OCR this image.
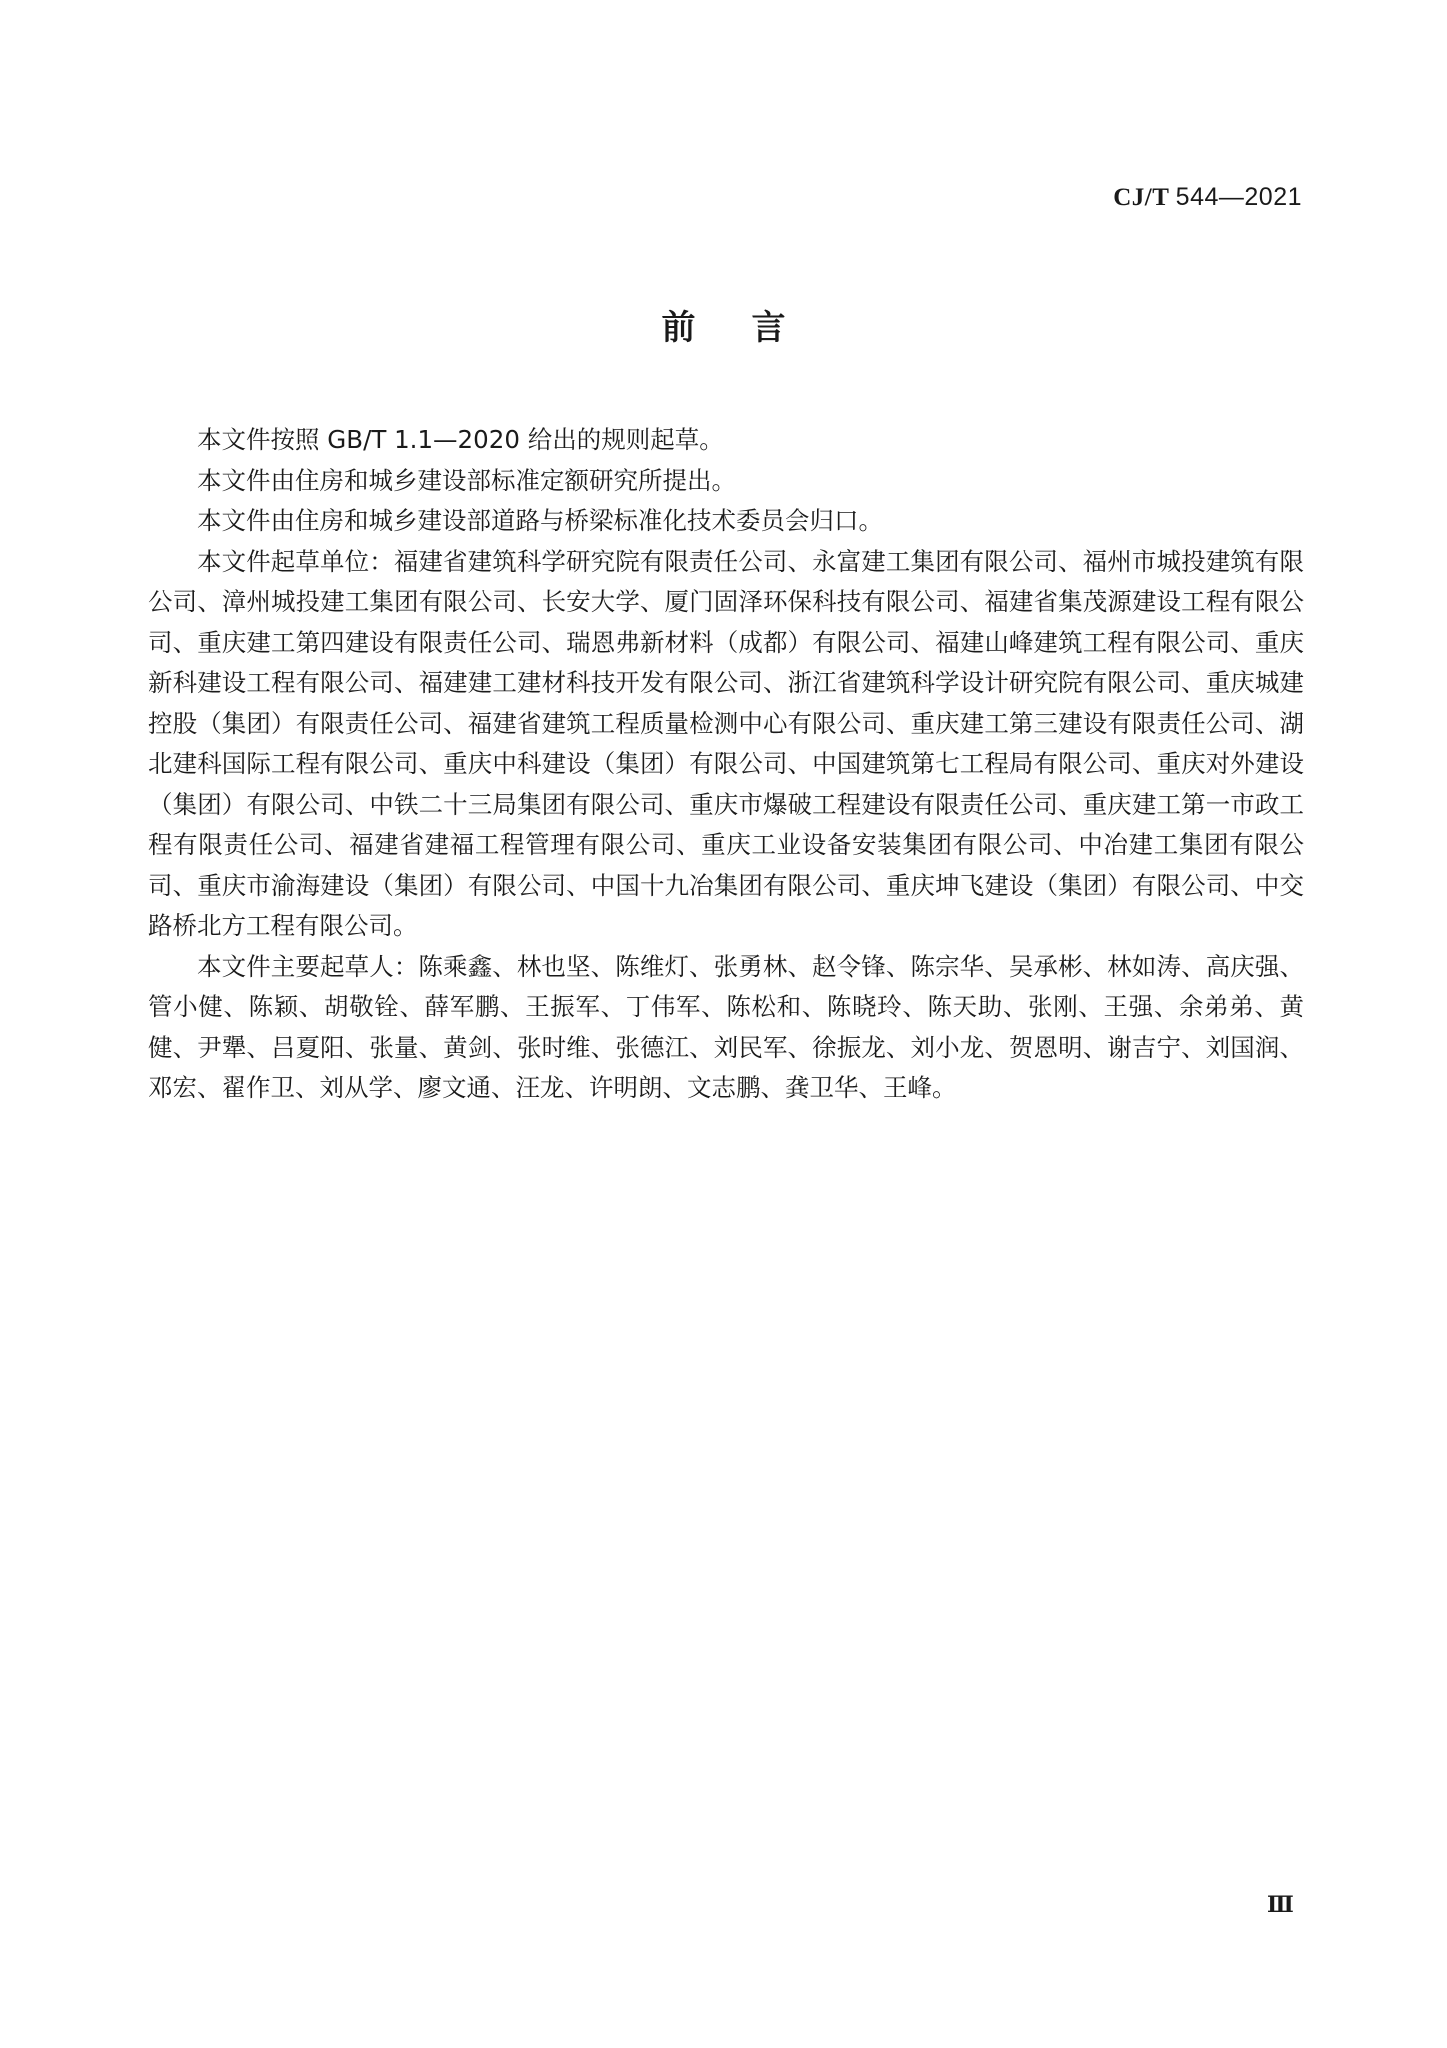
CJ/T 544—2021
前言

本文件按照 GB/T 1.1—2020 给出的规则起草。

本文件由住房和城乡建设部标准定额研究所提出。

本文件由住房和城乡建设部道路与桥梁标准化技术委员会归口。

本文件起草单位：福建省建筑科学研究院有限责任公司、永富建工集团有限公司、福州市城投建筑有限公司、漳州城投建工集团有限公司、长安大学、厦门固泽环保科技有限公司、福建省集茂源建设工程有限公司、重庆建工第四建设有限责任公司、瑞恩弗新材料（成都）有限公司、福建山峰建筑工程有限公司、重庆新科建设工程有限公司、福建建工建材科技开发有限公司、浙江省建筑科学设计研究院有限公司、重庆城建控股（集团）有限责任公司、福建省建筑工程质量检测中心有限公司、重庆建工第三建设有限责任公司、湖北建科国际工程有限公司、重庆中科建设（集团）有限公司、中国建筑第七工程局有限公司、重庆对外建设（集团）有限公司、中铁二十三局集团有限公司、重庆市爆破工程建设有限责任公司、重庆建工第一市政工程有限责任公司、福建省建福工程管理有限公司、重庆工业设备安装集团有限公司、中冶建工集团有限公司、重庆市渝海建设（集团）有限公司、中国十九冶集团有限公司、重庆坤飞建设（集团）有限公司、中交路桥北方工程有限公司。

本文件主要起草人：陈乘鑫、林也坚、陈维灯、张勇林、赵令锋、陈宗华、吴承彬、林如涛、高庆强、管小健、陈颖、胡敬铨、薛军鹏、王振军、丁伟军、陈松和、陈晓玲、陈天助、张刚、王强、余弟弟、黄健、尹犟、吕夏阳、张量、黄剑、张时维、张德江、刘民军、徐振龙、刘小龙、贺恩明、谢吉宁、刘国润、邓宏、翟作卫、刘从学、廖文通、汪龙、许明朗、文志鹏、龚卫华、王峰。

Ⅲ
